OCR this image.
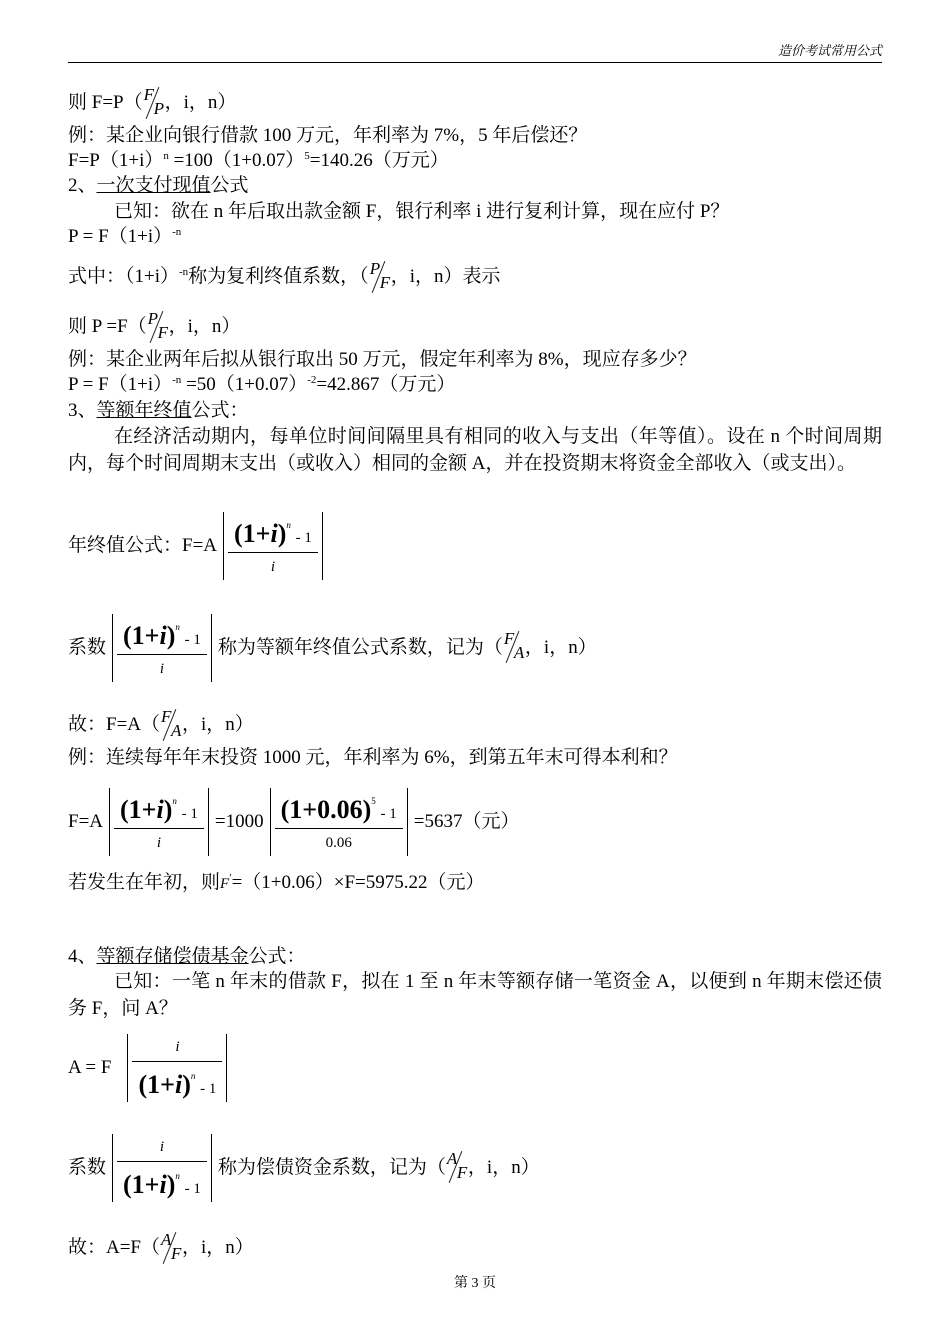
造价考试常用公式
则 F=P（ F
P ，i，n）
例：某企业向银行借款 100 万元，年利率为 7%，5 年后偿还？
$F=P(1+i)^n =100(1+0.07)^5=140.26$（万元）
2、一次支付现值公式
已知：欲在 n 年后取出款金额 F，银行利率 i 进行复利计算，现在应付 P？
$P = F(1+i)^{-n}$
式中：$(1+i)^{-n}$称为复利终值系数，（ P
F ，i，n）表示
则 P =F（ P
F ，i，n）
例：某企业两年后拟从银行取出 50 万元，假定年利率为 8%，现应存多少？
$P = F(1+i)^{-n} =50(1+0.07)^{-2}=42.867$（万元）
3、等额年终值公式：
在经济活动期内，每单位时间间隔里具有相同的收入与支出（年等值）。设在 n 个时间周期内，每个时间周期末支出（或收入）相同的金额 A，并在投资期末将资金全部收入（或支出）。
年终值公式：$F=A \frac{(1+i)^n - 1}{i}$
系数 $\frac{(1+i)^n - 1}{i}$ 称为等额年终值公式系数，记为（ F
A ，i，n）
故：F=A（ F
A ，i，n）
例：连续每年年末投资 1000 元，年利率为 6%，到第五年末可得本利和？
$F=A \frac{(1+i)^n - 1}{i} =1000 \frac{(1+0.06)^5 - 1}{0.06} =5637$（元）
若发生在年初，则F′=（1+0.06）×F=5975.22（元）
4、等额存储偿债基金公式：
已知：一笔 n 年末的借款 F，拟在 1 至 n 年末等额存储一笔资金 A，以便到 n 年期末偿还债务 F，问 A？
A = F $\frac{i}{(1+i)^n - 1}$
系数 $\frac{i}{(1+i)^n - 1}$ 称为偿债资金系数，记为（ A
F ，i，n）
故：A=F（ A
F ，i，n）
第 3 页
